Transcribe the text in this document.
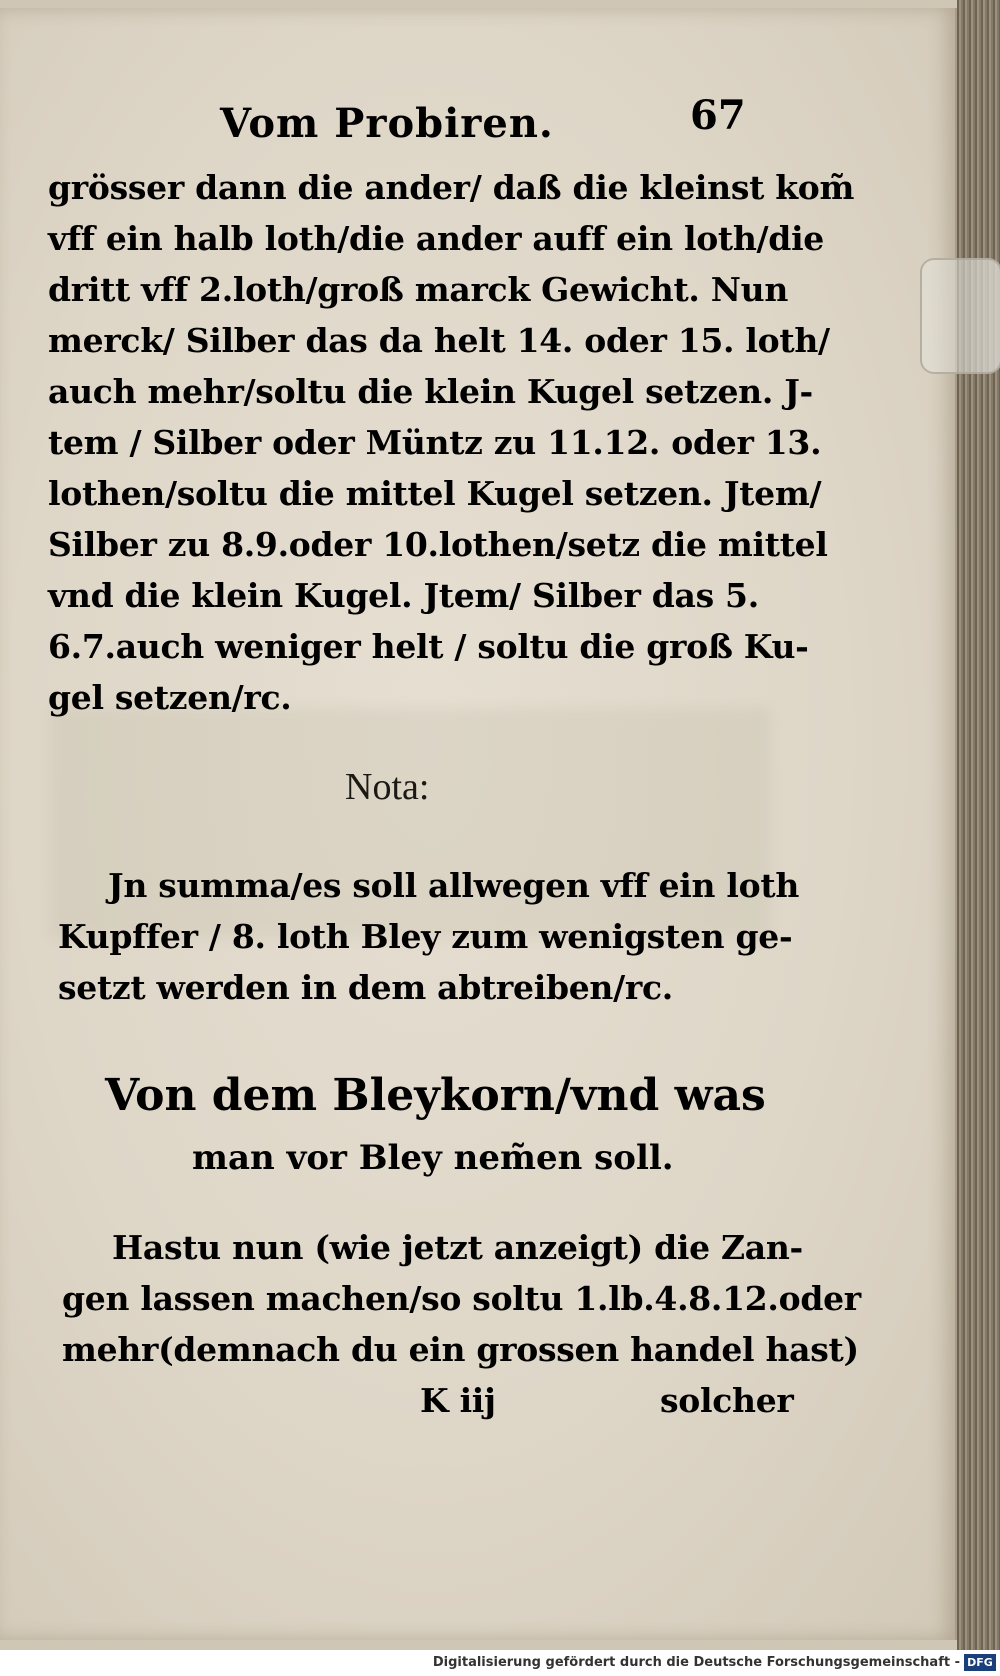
Vom Probiren.	67
grösser dann die ander/ daß die kleinst kom̃
vff ein halb loth/die ander auff ein loth/die
dritt vff 2.loth/groß marck Gewicht. Nun
merck/ Silber das da helt 14. oder 15. loth/
auch mehr/soltu die klein Kugel setzen. J-
tem / Silber oder Müntz zu 11.12. oder 13.
lothen/soltu die mittel Kugel setzen. Jtem/
Silber zu 8.9.oder 10.lothen/setz die mittel
vnd die klein Kugel. Jtem/ Silber das 5.
6.7.auch weniger helt / soltu die groß Ku-
gel setzen/rc.
Nota:
Jn summa/es soll allwegen vff ein loth
Kupffer / 8. loth Bley zum wenigsten ge-
setzt werden in dem abtreiben/rc.
Von dem Bleykorn/vnd was
man vor Bley nem̃en soll.
Hastu nun (wie jetzt anzeigt) die Zan-
gen lassen machen/so soltu 1.lb.4.8.12.oder
mehr(demnach du ein grossen handel hast)
K iij	solcher
Digitalisierung gefördert durch die Deutsche Forschungsgemeinschaft - DFG
